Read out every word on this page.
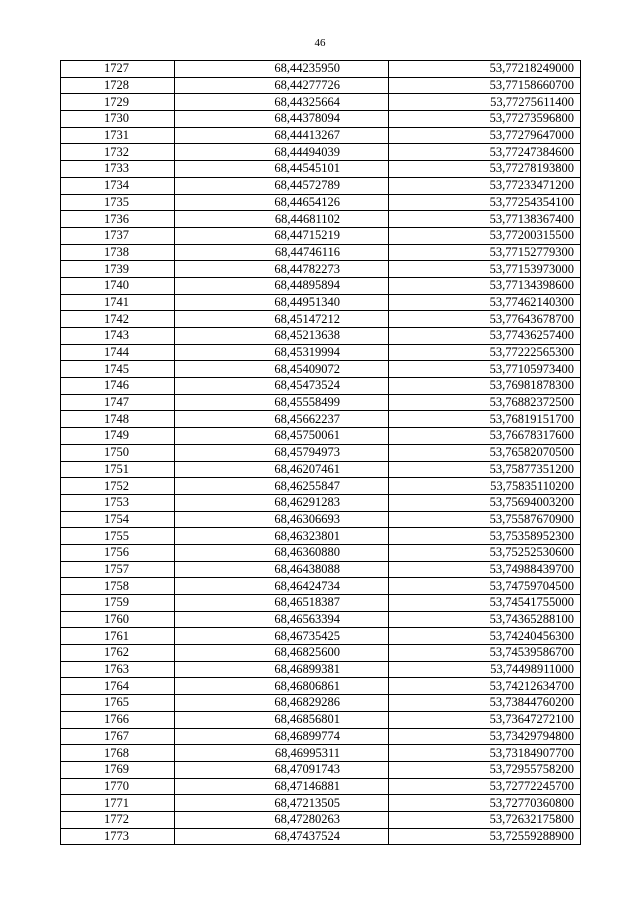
46
1727	68,44235950	53,77218249000
1728	68,44277726	53,77158660700
1729	68,44325664	53,77275611400
1730	68,44378094	53,77273596800
1731	68,44413267	53,77279647000
1732	68,44494039	53,77247384600
1733	68,44545101	53,77278193800
1734	68,44572789	53,77233471200
1735	68,44654126	53,77254354100
1736	68,44681102	53,77138367400
1737	68,44715219	53,77200315500
1738	68,44746116	53,77152779300
1739	68,44782273	53,77153973000
1740	68,44895894	53,77134398600
1741	68,44951340	53,77462140300
1742	68,45147212	53,77643678700
1743	68,45213638	53,77436257400
1744	68,45319994	53,77222565300
1745	68,45409072	53,77105973400
1746	68,45473524	53,76981878300
1747	68,45558499	53,76882372500
1748	68,45662237	53,76819151700
1749	68,45750061	53,76678317600
1750	68,45794973	53,76582070500
1751	68,46207461	53,75877351200
1752	68,46255847	53,75835110200
1753	68,46291283	53,75694003200
1754	68,46306693	53,75587670900
1755	68,46323801	53,75358952300
1756	68,46360880	53,75252530600
1757	68,46438088	53,74988439700
1758	68,46424734	53,74759704500
1759	68,46518387	53,74541755000
1760	68,46563394	53,74365288100
1761	68,46735425	53,74240456300
1762	68,46825600	53,74539586700
1763	68,46899381	53,74498911000
1764	68,46806861	53,74212634700
1765	68,46829286	53,73844760200
1766	68,46856801	53,73647272100
1767	68,46899774	53,73429794800
1768	68,46995311	53,73184907700
1769	68,47091743	53,72955758200
1770	68,47146881	53,72772245700
1771	68,47213505	53,72770360800
1772	68,47280263	53,72632175800
1773	68,47437524	53,72559288900
